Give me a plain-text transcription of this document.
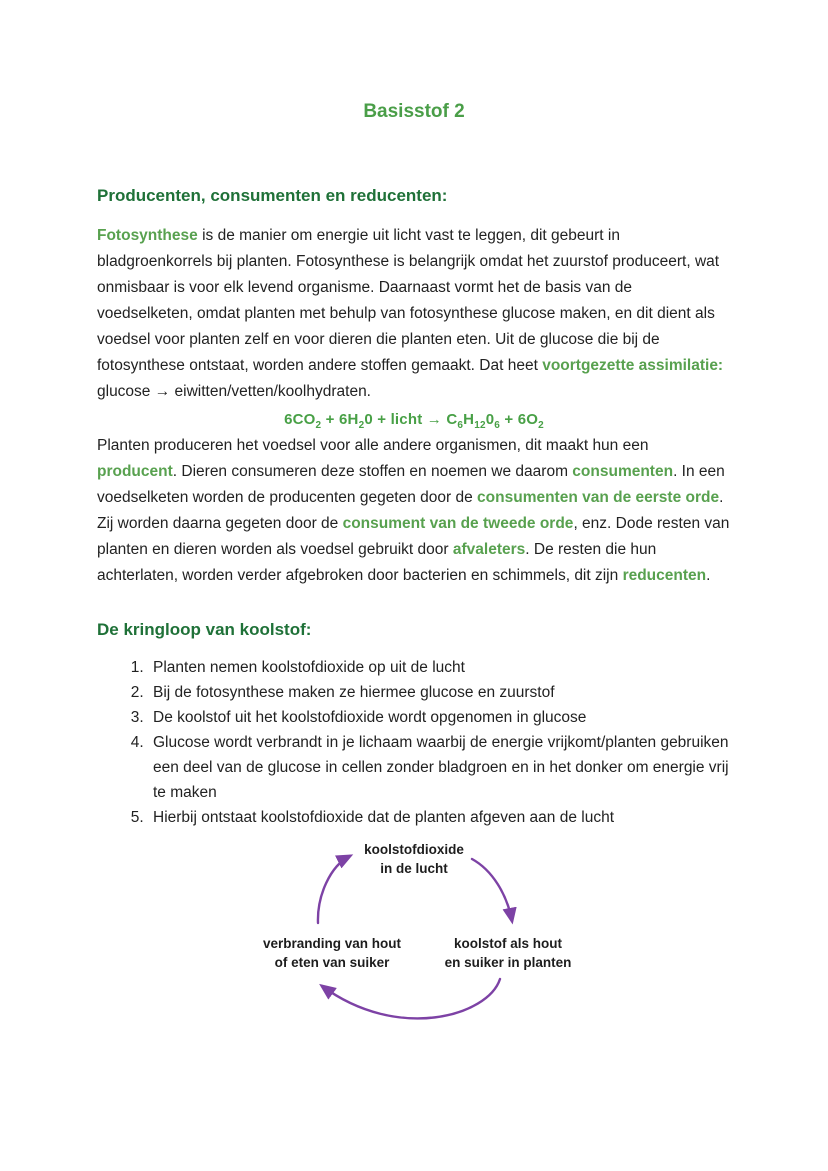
Basisstof 2
Producenten, consumenten en reducenten:

Fotosynthese is de manier om energie uit licht vast te leggen, dit gebeurt in bladgroenkorrels bij planten. Fotosynthese is belangrijk omdat het zuurstof produceert, wat onmisbaar is voor elk levend organisme. Daarnaast vormt het de basis van de voedselketen, omdat planten met behulp van fotosynthese glucose maken, en dit dient als voedsel voor planten zelf en voor dieren die planten eten. Uit de glucose die bij de fotosynthese ontstaat, worden andere stoffen gemaakt. Dat heet voortgezette assimilatie: glucose → eiwitten/vetten/koolhydraten.

$6CO_2 + 6H_20$ + licht → $C_6H_{12}0_6 + 6O_2$

Planten produceren het voedsel voor alle andere organismen, dit maakt hun een producent. Dieren consumeren deze stoffen en noemen we daarom consumenten. In een voedselketen worden de producenten gegeten door de consumenten van de eerste orde. Zij worden daarna gegeten door de consument van de tweede orde, enz. Dode resten van planten en dieren worden als voedsel gebruikt door afvaleters. De resten die hun achterlaten, worden verder afgebroken door bacterien en schimmels, dit zijn reducenten.

De kringloop van koolstof:
1. Planten nemen koolstofdioxide op uit de lucht
2. Bij de fotosynthese maken ze hiermee glucose en zuurstof
3. De koolstof uit het koolstofdioxide wordt opgenomen in glucose
4. Glucose wordt verbrandt in je lichaam waarbij de energie vrijkomt/planten gebruiken een deel van de glucose in cellen zonder bladgroen en in het donker om energie vrij te maken
5. Hierbij ontstaat koolstofdioxide dat de planten afgeven aan de lucht
koolstofdioxide
in de lucht
verbranding van hout
of eten van suiker
koolstof als hout
en suiker in planten
